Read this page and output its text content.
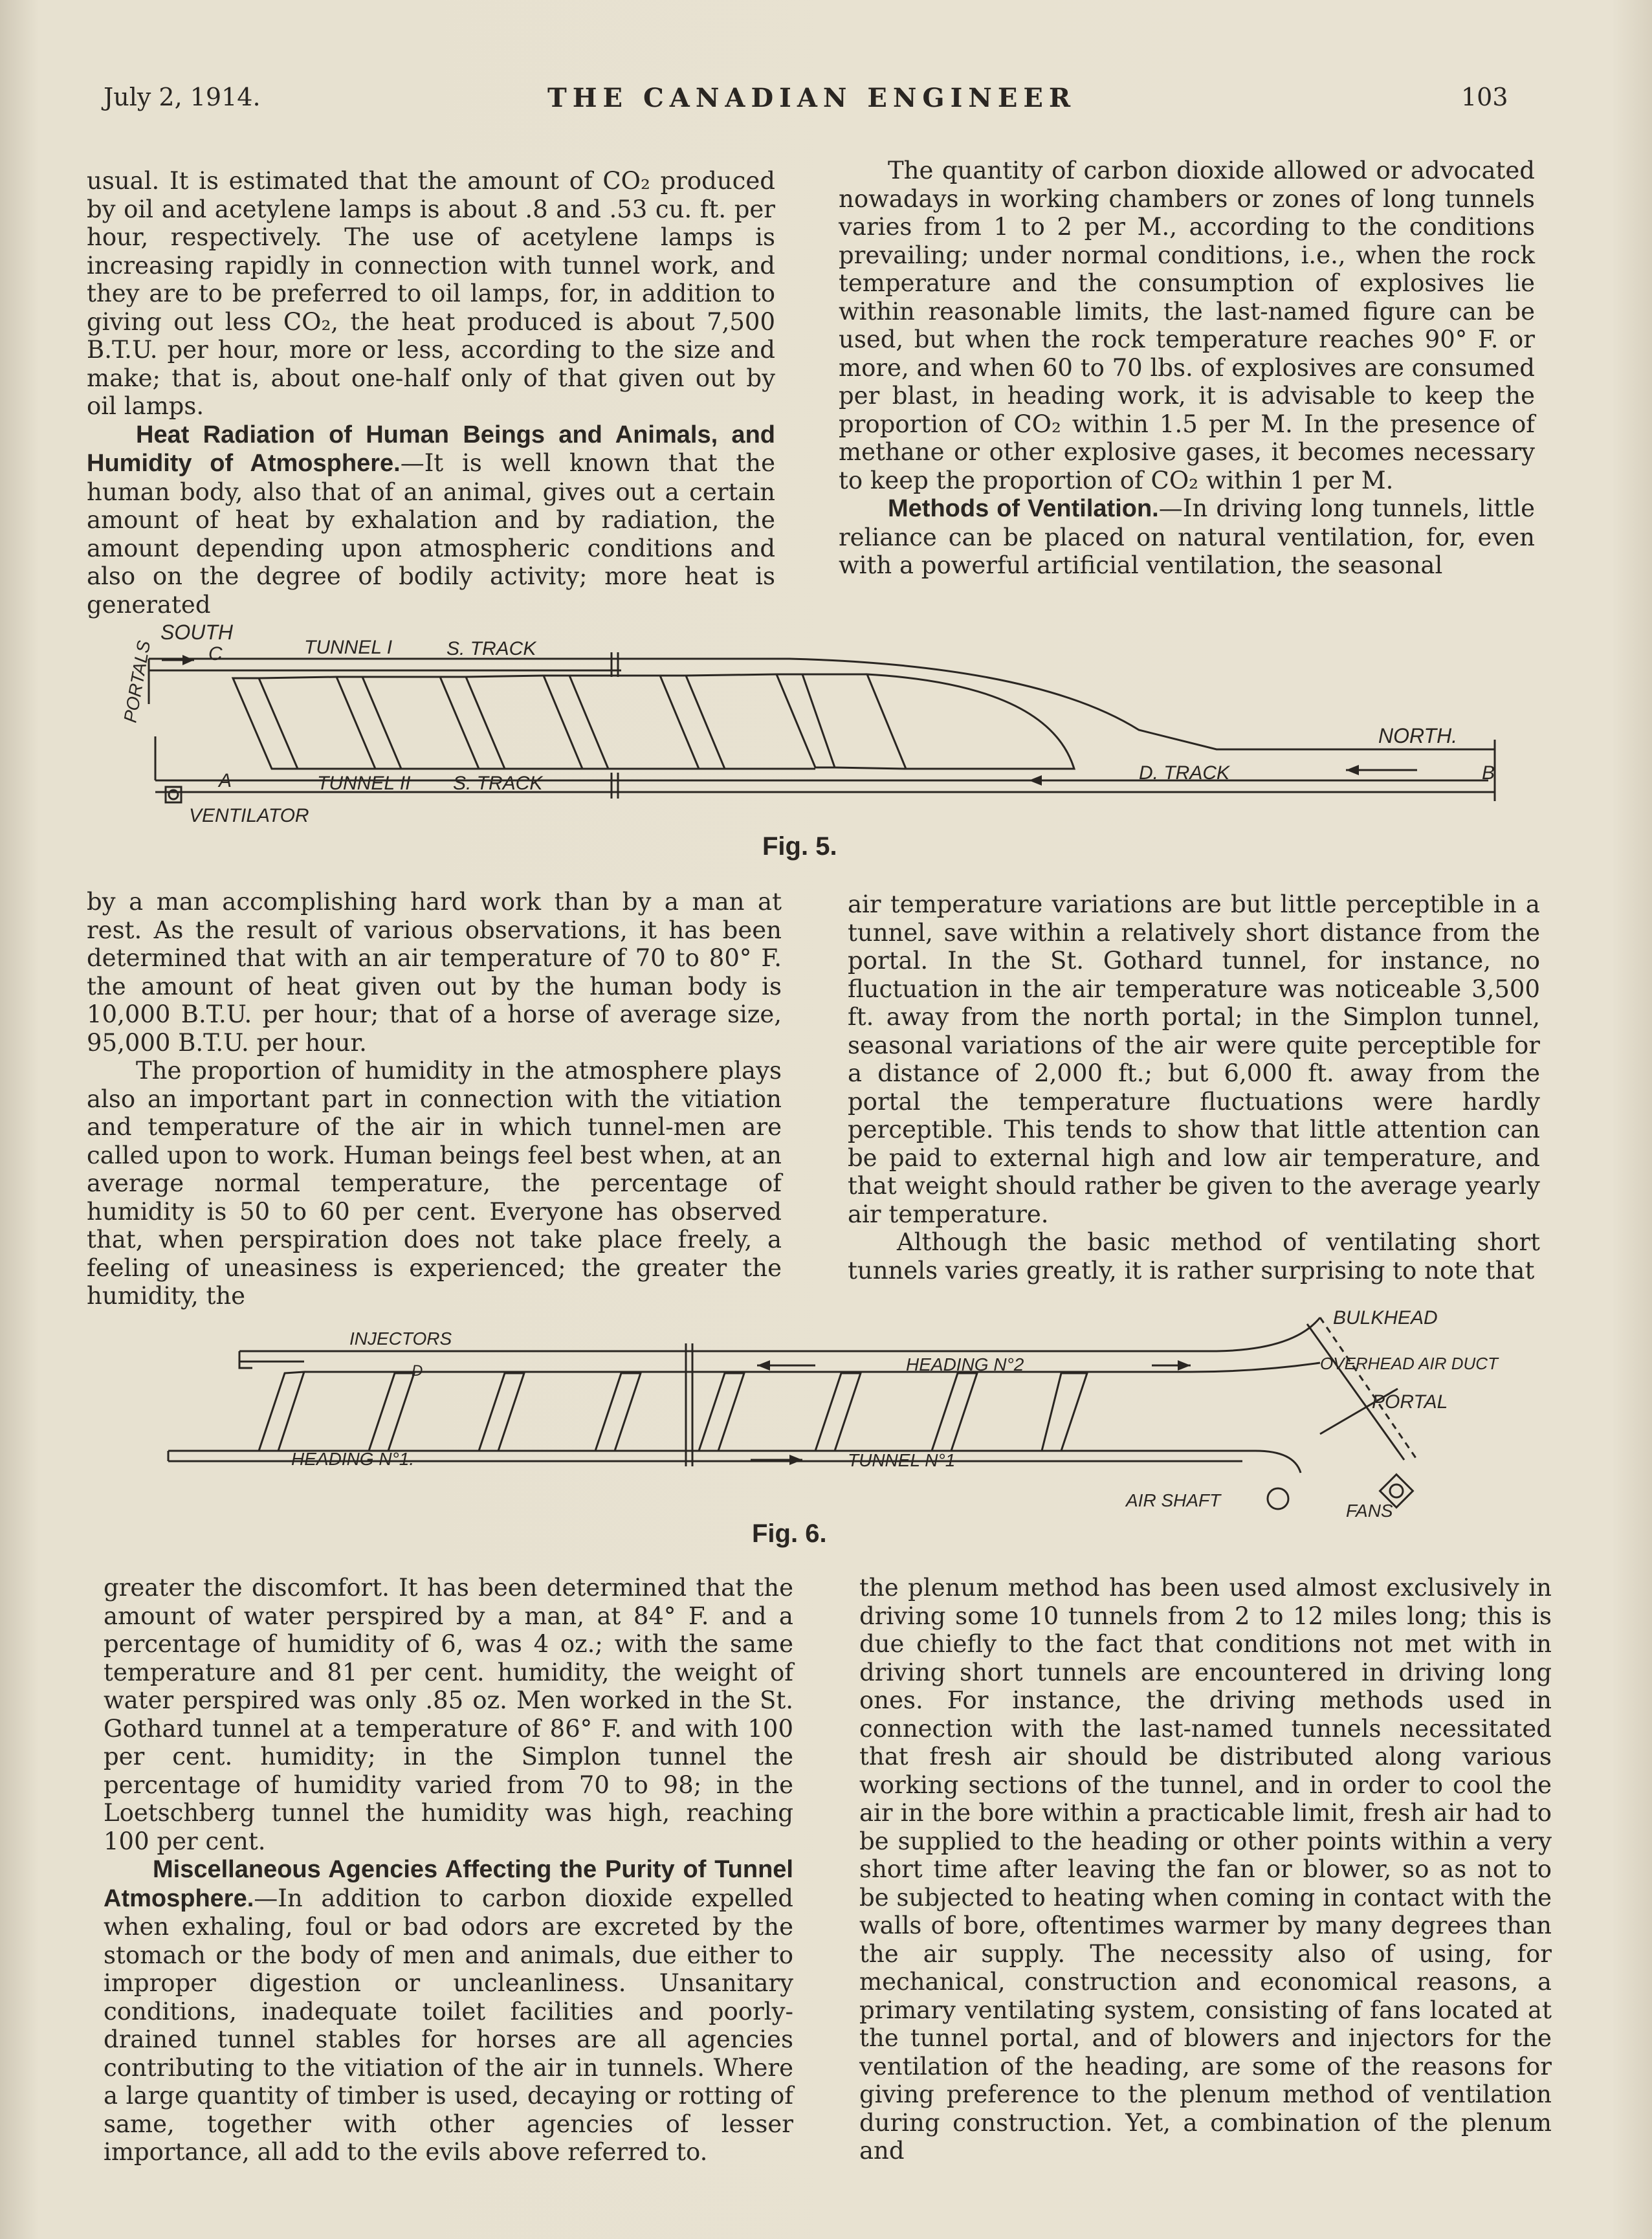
July 2, 1914.	THE CANADIAN ENGINEER	103

usual. It is estimated that the amount of CO₂ produced by oil and acetylene lamps is about .8 and .53 cu. ft. per hour, respectively. The use of acetylene lamps is increasing rapidly in connection with tunnel work, and they are to be preferred to oil lamps, for, in addition to giving out less CO₂, the heat produced is about 7,500 B.T.U. per hour, more or less, according to the size and make; that is, about one-half only of that given out by oil lamps.

Heat Radiation of Human Beings and Animals, and Humidity of Atmosphere.—It is well known that the human body, also that of an animal, gives out a certain amount of heat by exhalation and by radiation, the amount depending upon atmospheric conditions and also on the degree of bodily activity; more heat is generated

The quantity of carbon dioxide allowed or advocated nowadays in working chambers or zones of long tunnels varies from 1 to 2 per M., according to the conditions prevailing; under normal conditions, i.e., when the rock temperature and the consumption of explosives lie within reasonable limits, the last-named figure can be used, but when the rock temperature reaches 90° F. or more, and when 60 to 70 lbs. of explosives are consumed per blast, in heading work, it is advisable to keep the proportion of CO₂ within 1.5 per M. In the presence of methane or other explosive gases, it becomes necessary to keep the proportion of CO₂ within 1 per M.

Methods of Ventilation.—In driving long tunnels, little reliance can be placed on natural ventilation, for, even with a powerful artificial ventilation, the seasonal

SOUTH
TUNNEL I	S. TRACK
C
PORTALS
A	TUNNEL II S. TRACK
VENTILATOR
NORTH.
D. TRACK	B
Fig. 5.

by a man accomplishing hard work than by a man at rest. As the result of various observations, it has been determined that with an air temperature of 70 to 80° F. the amount of heat given out by the human body is 10,000 B.T.U. per hour; that of a horse of average size, 95,000 B.T.U. per hour.

The proportion of humidity in the atmosphere plays also an important part in connection with the vitiation and temperature of the air in which tunnel-men are called upon to work. Human beings feel best when, at an average normal temperature, the percentage of humidity is 50 to 60 per cent. Everyone has observed that, when perspiration does not take place freely, a feeling of uneasiness is experienced; the greater the humidity, the

air temperature variations are but little perceptible in a tunnel, save within a relatively short distance from the portal. In the St. Gothard tunnel, for instance, no fluctuation in the air temperature was noticeable 3,500 ft. away from the north portal; in the Simplon tunnel, seasonal variations of the air were quite perceptible for a distance of 2,000 ft.; but 6,000 ft. away from the portal the temperature fluctuations were hardly perceptible. This tends to show that little attention can be paid to external high and low air temperature, and that weight should rather be given to the average yearly air temperature.

Although the basic method of ventilating short tunnels varies greatly, it is rather surprising to note that

INJECTORS
BULKHEAD
HEADING N°2	OVERHEAD AIR DUCT
PORTAL
HEADING N°1.	TUNNEL N°1
AIR SHAFT
FANS
D
Fig. 6.

greater the discomfort. It has been determined that the amount of water perspired by a man, at 84° F. and a percentage of humidity of 6, was 4 oz.; with the same temperature and 81 per cent. humidity, the weight of water perspired was only .85 oz. Men worked in the St. Gothard tunnel at a temperature of 86° F. and with 100 per cent. humidity; in the Simplon tunnel the percentage of humidity varied from 70 to 98; in the Loetschberg tunnel the humidity was high, reaching 100 per cent.

Miscellaneous Agencies Affecting the Purity of Tunnel Atmosphere.—In addition to carbon dioxide expelled when exhaling, foul or bad odors are excreted by the stomach or the body of men and animals, due either to improper digestion or uncleanliness. Unsanitary conditions, inadequate toilet facilities and poorly-drained tunnel stables for horses are all agencies contributing to the vitiation of the air in tunnels. Where a large quantity of timber is used, decaying or rotting of same, together with other agencies of lesser importance, all add to the evils above referred to.

the plenum method has been used almost exclusively in driving some 10 tunnels from 2 to 12 miles long; this is due chiefly to the fact that conditions not met with in driving short tunnels are encountered in driving long ones. For instance, the driving methods used in connection with the last-named tunnels necessitated that fresh air should be distributed along various working sections of the tunnel, and in order to cool the air in the bore within a practicable limit, fresh air had to be supplied to the heading or other points within a very short time after leaving the fan or blower, so as not to be subjected to heating when coming in contact with the walls of bore, oftentimes warmer by many degrees than the air supply. The necessity also of using, for mechanical, construction and economical reasons, a primary ventilating system, consisting of fans located at the tunnel portal, and of blowers and injectors for the ventilation of the heading, are some of the reasons for giving preference to the plenum method of ventilation during construction. Yet, a combination of the plenum and
